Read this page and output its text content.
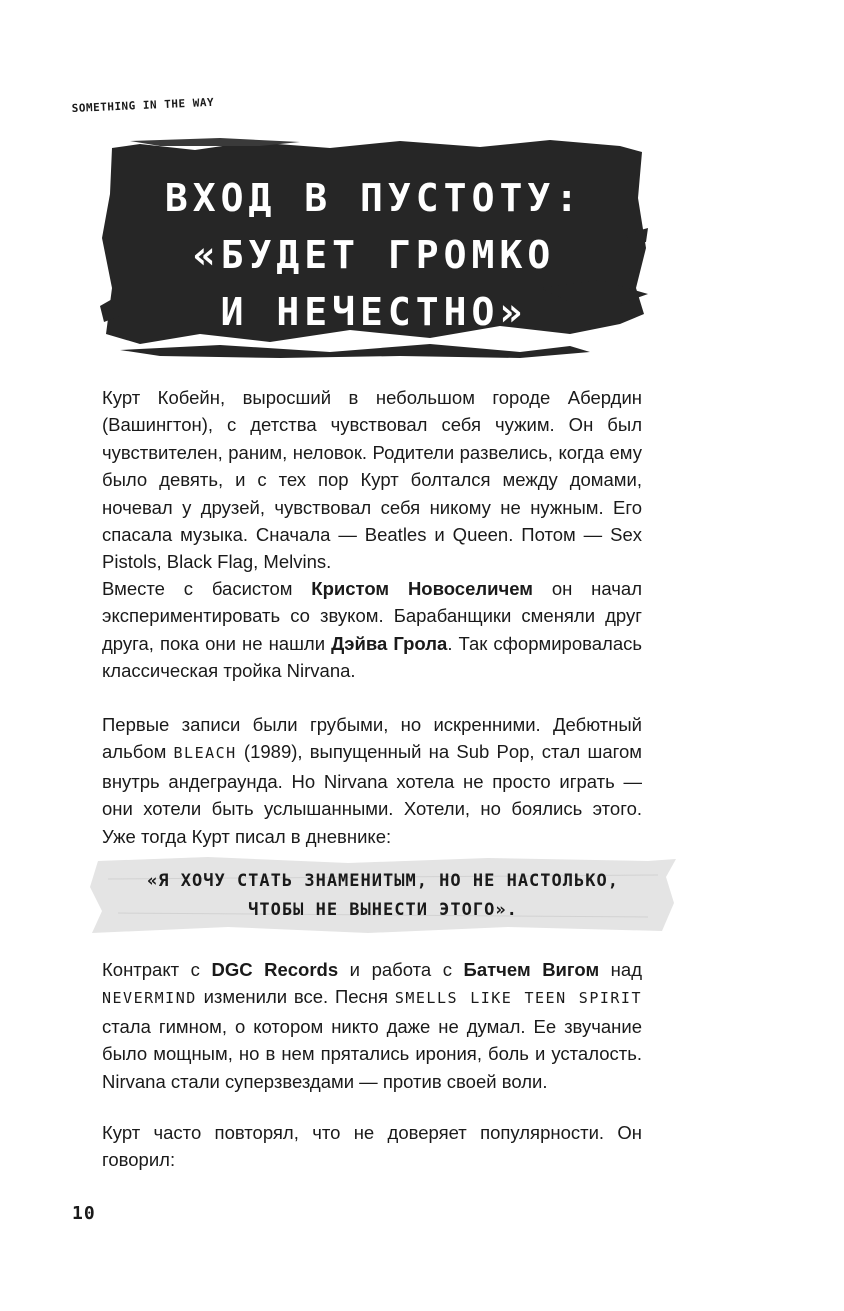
SOMETHING IN THE WAY

ВХОД В ПУСТОТУ:
«БУДЕТ ГРОМКО
И НЕЧЕСТНО»

Курт Кобейн, выросший в небольшом городе Абердин (Вашингтон), с детства чувствовал себя чужим. Он был чувствителен, раним, неловок. Родители развелись, когда ему было девять, и с тех пор Курт болтался между домами, ночевал у друзей, чувствовал себя никому не нужным. Его спасала музыка. Сначала — Beatles и Queen. Потом — Sex Pistols, Black Flag, Melvins.

Вместе с басистом Кристом Новоселичем он начал экспериментировать со звуком. Барабанщики сменяли друг друга, пока они не нашли Дэйва Грола. Так сформировалась классическая тройка Nirvana.

Первые записи были грубыми, но искренними. Дебютный альбом BLEACH (1989), выпущенный на Sub Pop, стал шагом внутрь андеграунда. Но Nirvana хотела не просто играть — они хотели быть услышанными. Хотели, но боялись этого. Уже тогда Курт писал в дневнике:

«Я ХОЧУ СТАТЬ ЗНАМЕНИТЫМ, НО НЕ НАСТОЛЬКО,
ЧТОБЫ НЕ ВЫНЕСТИ ЭТОГО».

Контракт с DGC Records и работа с Батчем Вигом над NEVERMIND изменили все. Песня SMELLS LIKE TEEN SPIRIT стала гимном, о котором никто даже не думал. Ее звучание было мощным, но в нем прятались ирония, боль и усталость. Nirvana стали суперзвездами — против своей воли.

Курт часто повторял, что не доверяет популярности. Он говорил:

10
